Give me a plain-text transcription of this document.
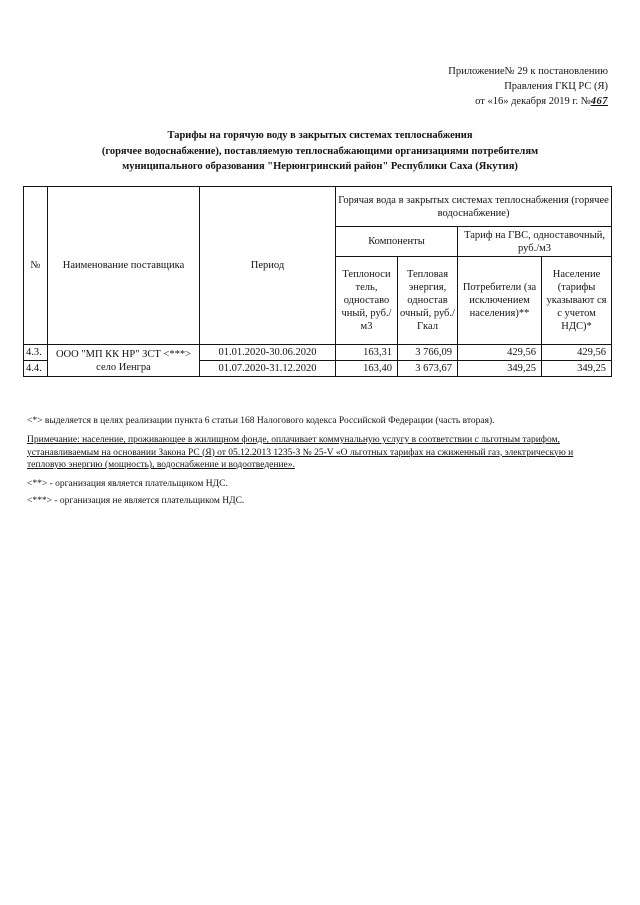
Приложение№ 29 к постановлению
Правления ГКЦ РС (Я)
от «16» декабря 2019 г. №467
Тарифы на горячую воду в закрытых системах теплоснабжения
(горячее водоснабжение), поставляемую теплоснабжающими организациями потребителям
муниципального образования "Нерюнгринский район" Республики Саха (Якутия)
№	Наименование поставщика	Период	Горячая вода в закрытых системах теплоснабжения (горячее водоснабжение)			
			Компоненты		Тариф на ГВС, одноставочный, руб./м3	
			Теплоноси тель, одноставо чный, руб./м3	Тепловая энергия, одностав очный, руб./Гкал	Потребители (за исключением населения)**	Население (тарифы указывают ся с учетом НДС)*
4.3.	ООО "МП КК НР" ЗСТ <***> село Иенгра	01.01.2020-30.06.2020	163,31	3 766,09	429,56	429,56
4.4.		01.07.2020-31.12.2020	163,40	3 673,67	349,25	349,25
<*> выделяется в целях реализации пункта 6 статьи 168 Налогового кодекса Российской Федерации (часть вторая).
Примечание: население, проживающее в жилищном фонде, оплачивает коммунальную услугу в соответствии с льготным тарифом, устанавливаемым на основании Закона РС (Я) от 05.12.2013 1235-З № 25-V «О льготных тарифах на сжиженный газ, электрическую и тепловую энергию (мощность), водоснабжение и водоотведение».
<**> - организация является плательщиком НДС.
<***> - организация не является плательщиком НДС.
